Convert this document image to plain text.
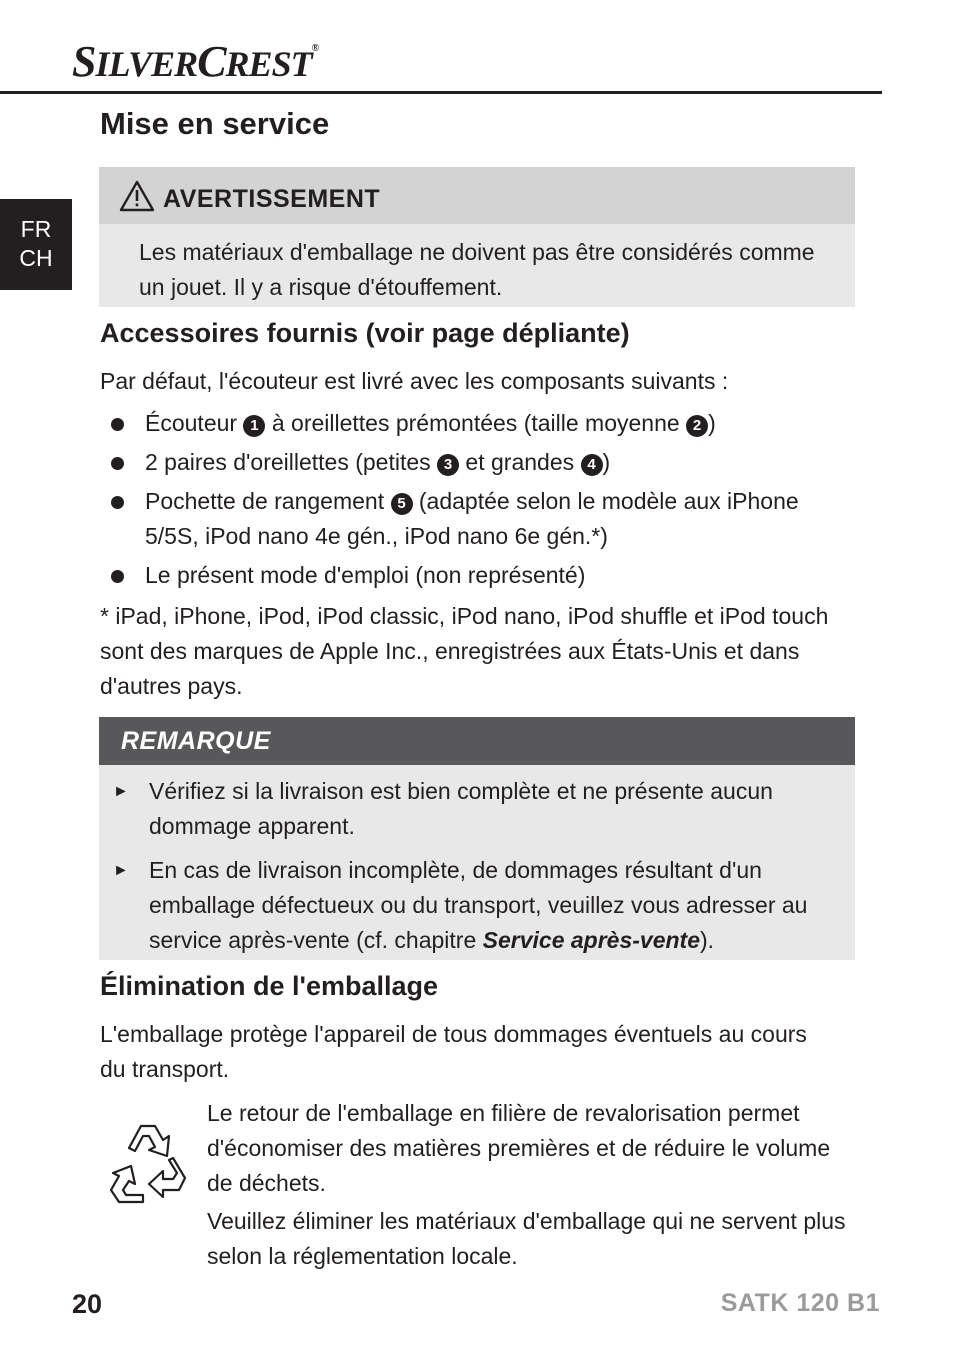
SILVERCREST®
FR
CH
Mise en service
AVERTISSEMENT
Les matériaux d'emballage ne doivent pas être considérés comme un jouet. Il y a risque d'étouffement.
Accessoires fournis (voir page dépliante)

Par défaut, l'écouteur est livré avec les composants suivants :

Écouteur 1 à oreillettes prémontées (taille moyenne 2 )
2 paires d'oreillettes (petites 3 et grandes 4 )
Pochette de rangement 5 (adaptée selon le modèle aux iPhone 5/5S, iPod nano 4e gén., iPod nano 6e gén.*)
Le présent mode d'emploi (non représenté)

* iPad, iPhone, iPod, iPod classic, iPod nano, iPod shuffle et iPod touch sont des marques de Apple Inc., enregistrées aux États-Unis et dans d'autres pays.

REMARQUE
► Vérifiez si la livraison est bien complète et ne présente aucun dommage apparent.
► En cas de livraison incomplète, de dommages résultant d'un emballage défectueux ou du transport, veuillez vous adresser au service après-vente (cf. chapitre Service après-vente).
Élimination de l'emballage

L'emballage protège l'appareil de tous dommages éventuels au cours du transport.

Le retour de l'emballage en filière de revalorisation permet d'économiser des matières premières et de réduire le volume de déchets.

Veuillez éliminer les matériaux d'emballage qui ne servent plus selon la réglementation locale.

20	SATK 120 B1
